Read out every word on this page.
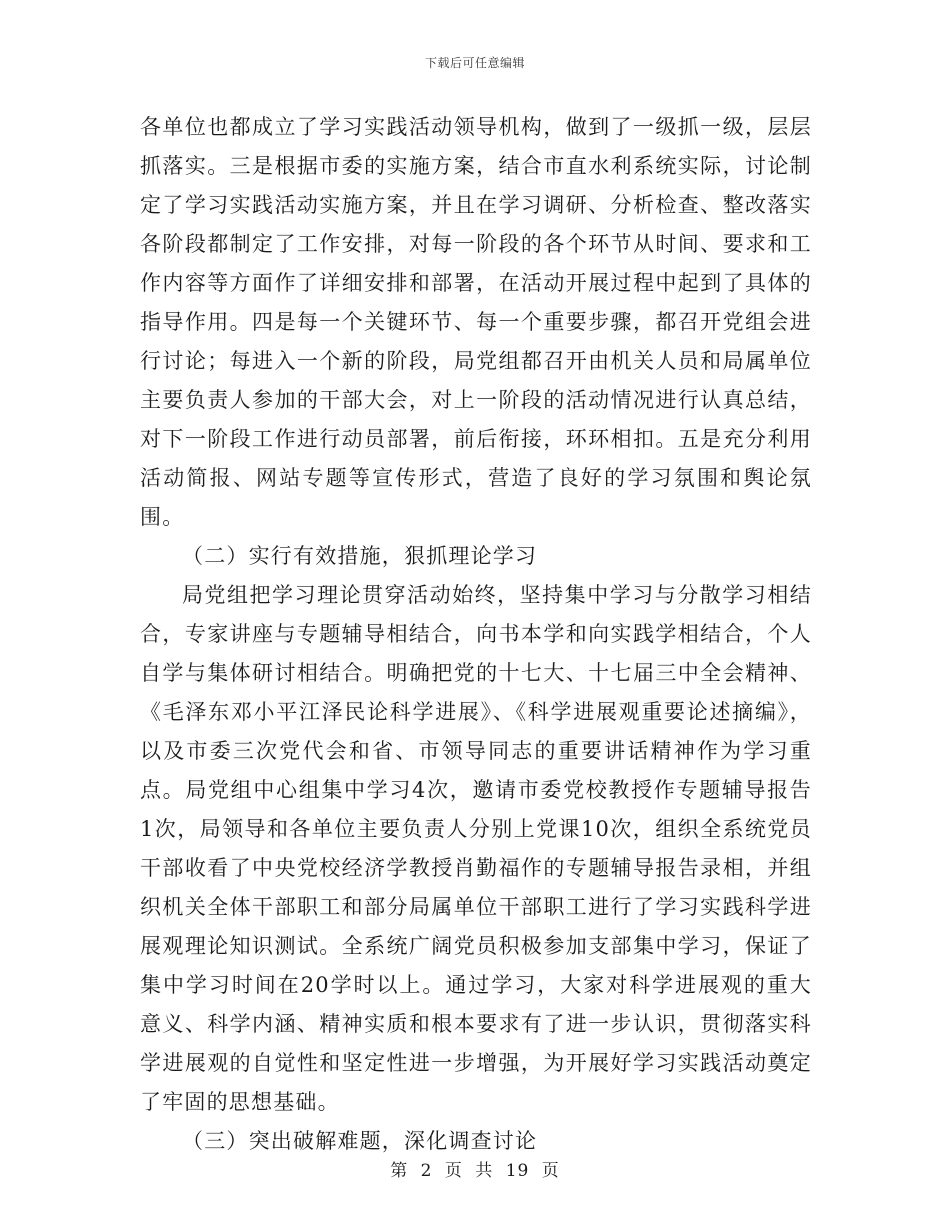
下载后可任意编辑

各单位也都成立了学习实践活动领导机构，做到了一级抓一级，层层抓落实。三是根据市委的实施方案，结合市直水利系统实际，讨论制定了学习实践活动实施方案，并且在学习调研、分析检查、整改落实各阶段都制定了工作安排，对每一阶段的各个环节从时间、要求和工作内容等方面作了详细安排和部署，在活动开展过程中起到了具体的指导作用。四是每一个关键环节、每一个重要步骤，都召开党组会进行讨论；每进入一个新的阶段，局党组都召开由机关人员和局属单位主要负责人参加的干部大会，对上一阶段的活动情况进行认真总结，对下一阶段工作进行动员部署，前后衔接，环环相扣。五是充分利用活动简报、网站专题等宣传形式，营造了良好的学习氛围和舆论氛围。

（二）实行有效措施，狠抓理论学习

局党组把学习理论贯穿活动始终，坚持集中学习与分散学习相结合，专家讲座与专题辅导相结合，向书本学和向实践学相结合，个人自学与集体研讨相结合。明确把党的十七大、十七届三中全会精神、《毛泽东邓小平江泽民论科学进展》、《科学进展观重要论述摘编》，以及市委三次党代会和省、市领导同志的重要讲话精神作为学习重点。局党组中心组集中学习4次，邀请市委党校教授作专题辅导报告1次，局领导和各单位主要负责人分别上党课10次，组织全系统党员干部收看了中央党校经济学教授肖勤福作的专题辅导报告录相，并组织机关全体干部职工和部分局属单位干部职工进行了学习实践科学进展观理论知识测试。全系统广阔党员积极参加支部集中学习，保证了集中学习时间在20学时以上。通过学习，大家对科学进展观的重大意义、科学内涵、精神实质和根本要求有了进一步认识，贯彻落实科学进展观的自觉性和坚定性进一步增强，为开展好学习实践活动奠定了牢固的思想基础。

（三）突出破解难题，深化调查讨论

第 2 页 共 19 页
